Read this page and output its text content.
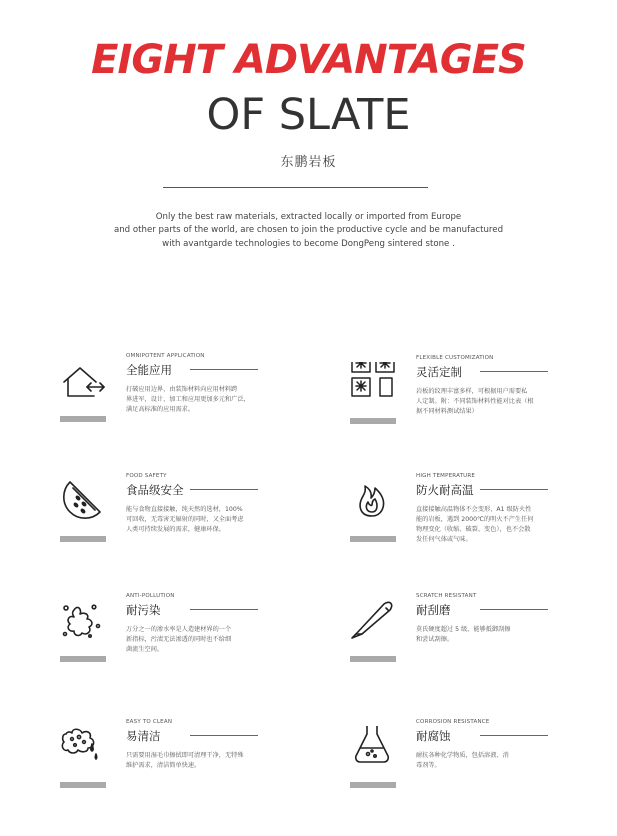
EIGHT ADVANTAGES
OF SLATE
东鹏岩板
Only the best raw materials, extracted locally or imported from Europe
and other parts of the world, are chosen to join the productive cycle and be manufactured
with avantgarde technologies to become DongPeng sintered stone .
OMNIPOTENT APPLICATION
全能应用
打破应用边界，由装饰材料向应用材料跨
界进军，设计、加工和应用更加多元和广泛，
满足高标准的应用需求。
FLEXIBLE CUSTOMIZATION
灵活定制
岩板的纹理丰富多样，可根据用户需要私
人定制。附：不同装饰材料性能对比表（根
据不同材料测试结果）
FOOD SAFETY
食品级安全
能与食物直接接触，纯天然的选材，100%
可回收，无毒害无辐射的同时，又全面考虑
人类可持续发展的需求，健康环保。
HIGH TEMPERATURE
防火耐高温
直接接触高温物体不会变形，A1 级防火性
能的岩板，遇到 2000℃的明火不产生任何
物理变化（收缩、破裂、变色），也不会散
发任何气体或气味。
ANTI-POLLUTION
耐污染
万分之一的渗水率是人造建材界的一个
新指标，污渍无法渗透的同时也不给细
菌流生空间。
SCRATCH RESISTANT
耐刮磨
莫氏硬度超过 5 级，能够抵御刮擦
和尝试刮擦。
EASY TO CLEAN
易清洁
只需要用湿毛巾擦拭即可清理干净，无特殊
维护需求，清洁简单快速。
CORROSION RESISTANCE
耐腐蚀
耐抗各种化学物质，包括溶液、消
毒剂等。
